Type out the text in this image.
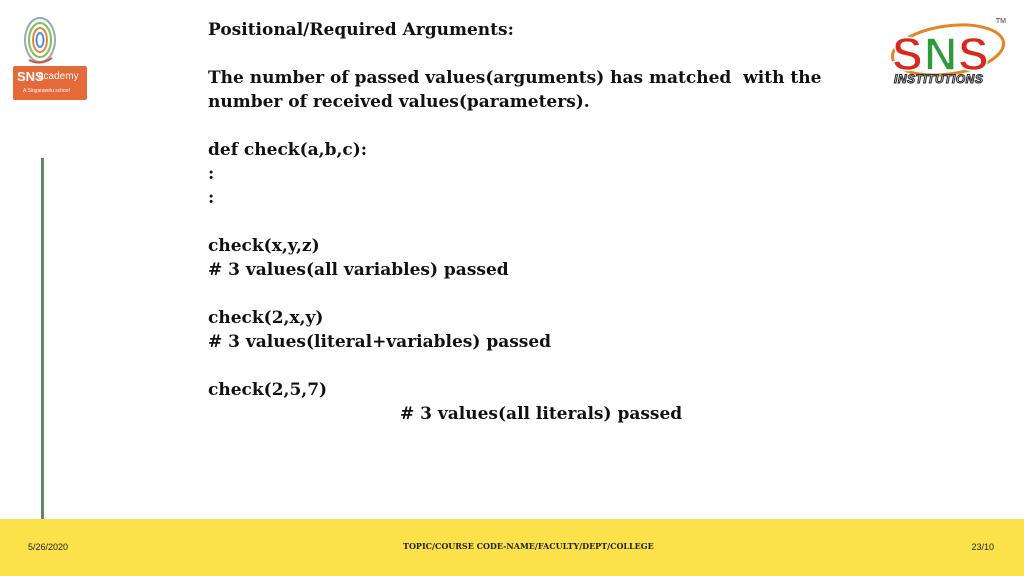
SNS
academy
A Singaravelu school
S N S
TM
INSTITUTIONS
Positional/Required Arguments:
The number of passed values(arguments) has matched  with the
number of received values(parameters).
def check(a,b,c):
:
:
check(x,y,z)
# 3 values(all variables) passed
check(2,x,y)
# 3 values(literal+variables) passed
check(2,5,7)
# 3 values(all literals) passed
5/26/2020	TOPIC/COURSE CODE-NAME/FACULTY/DEPT/COLLEGE	23/10
